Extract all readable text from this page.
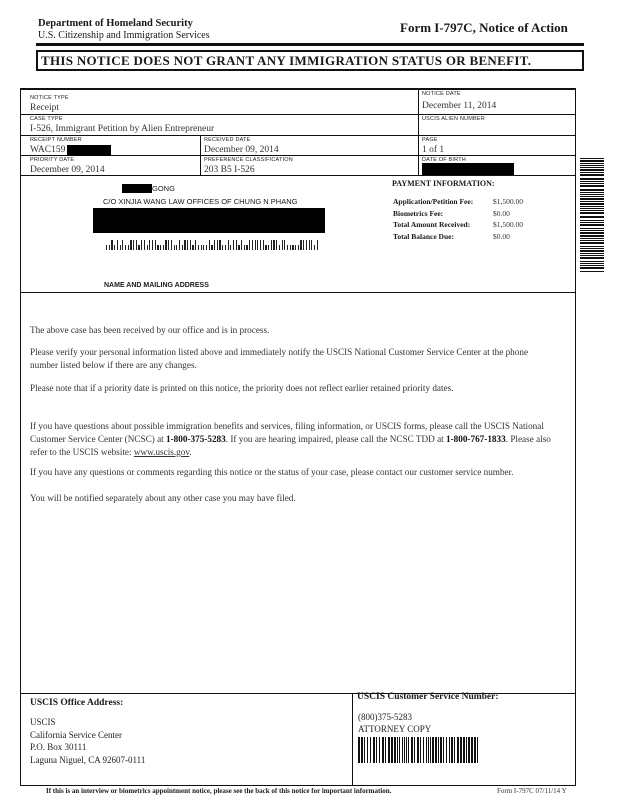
Department of Homeland Security
U.S. Citizenship and Immigration Services
Form I-797C, Notice of Action
THIS NOTICE DOES NOT GRANT ANY IMMIGRATION STATUS OR BENEFIT.
NOTICE TYPE
Receipt
NOTICE DATE
December 11, 2014
CASE TYPE
I-526, Immigrant Petition by Alien Entrepreneur
USCIS ALIEN NUMBER
RECEIPT NUMBER
WAC159
RECEIVED DATE
December 09, 2014
PAGE
1 of 1
PRIORITY DATE
December 09, 2014
PREFERENCE CLASSIFICATION
203 B5 I-526
DATE OF BIRTH
GONG
C/O XINJIA WANG LAW OFFICES OF CHUNG N PHANG
NAME AND MAILING ADDRESS
PAYMENT INFORMATION:
Application/Petition Fee:
Biometrics Fee:
Total Amount Received:
Total Balance Due:
$1,500.00
$0.00
$1,500.00
$0.00

The above case has been received by our office and is in process.

Please verify your personal information listed above and immediately notify the USCIS National Customer Service Center at the phone number listed below if there are any changes.

Please note that if a priority date is printed on this notice, the priority does not reflect earlier retained priority dates.

If you have questions about possible immigration benefits and services, filing information, or USCIS forms, please call the USCIS National Customer Service Center (NCSC) at 1-800-375-5283. If you are hearing impaired, please call the NCSC TDD at 1-800-767-1833. Please also refer to the USCIS website: www.uscis.gov.

If you have any questions or comments regarding this notice or the status of your case, please contact our customer service number.

You will be notified separately about any other case you may have filed.

USCIS Office Address:
USCIS
California Service Center
P.O. Box 30111
Laguna Niguel, CA 92607-0111
USCIS Customer Service Number:
(800)375-5283
ATTORNEY COPY
If this is an interview or biometrics appointment notice, please see the back of this notice for important information.	Form I-797C 07/11/14 Y
